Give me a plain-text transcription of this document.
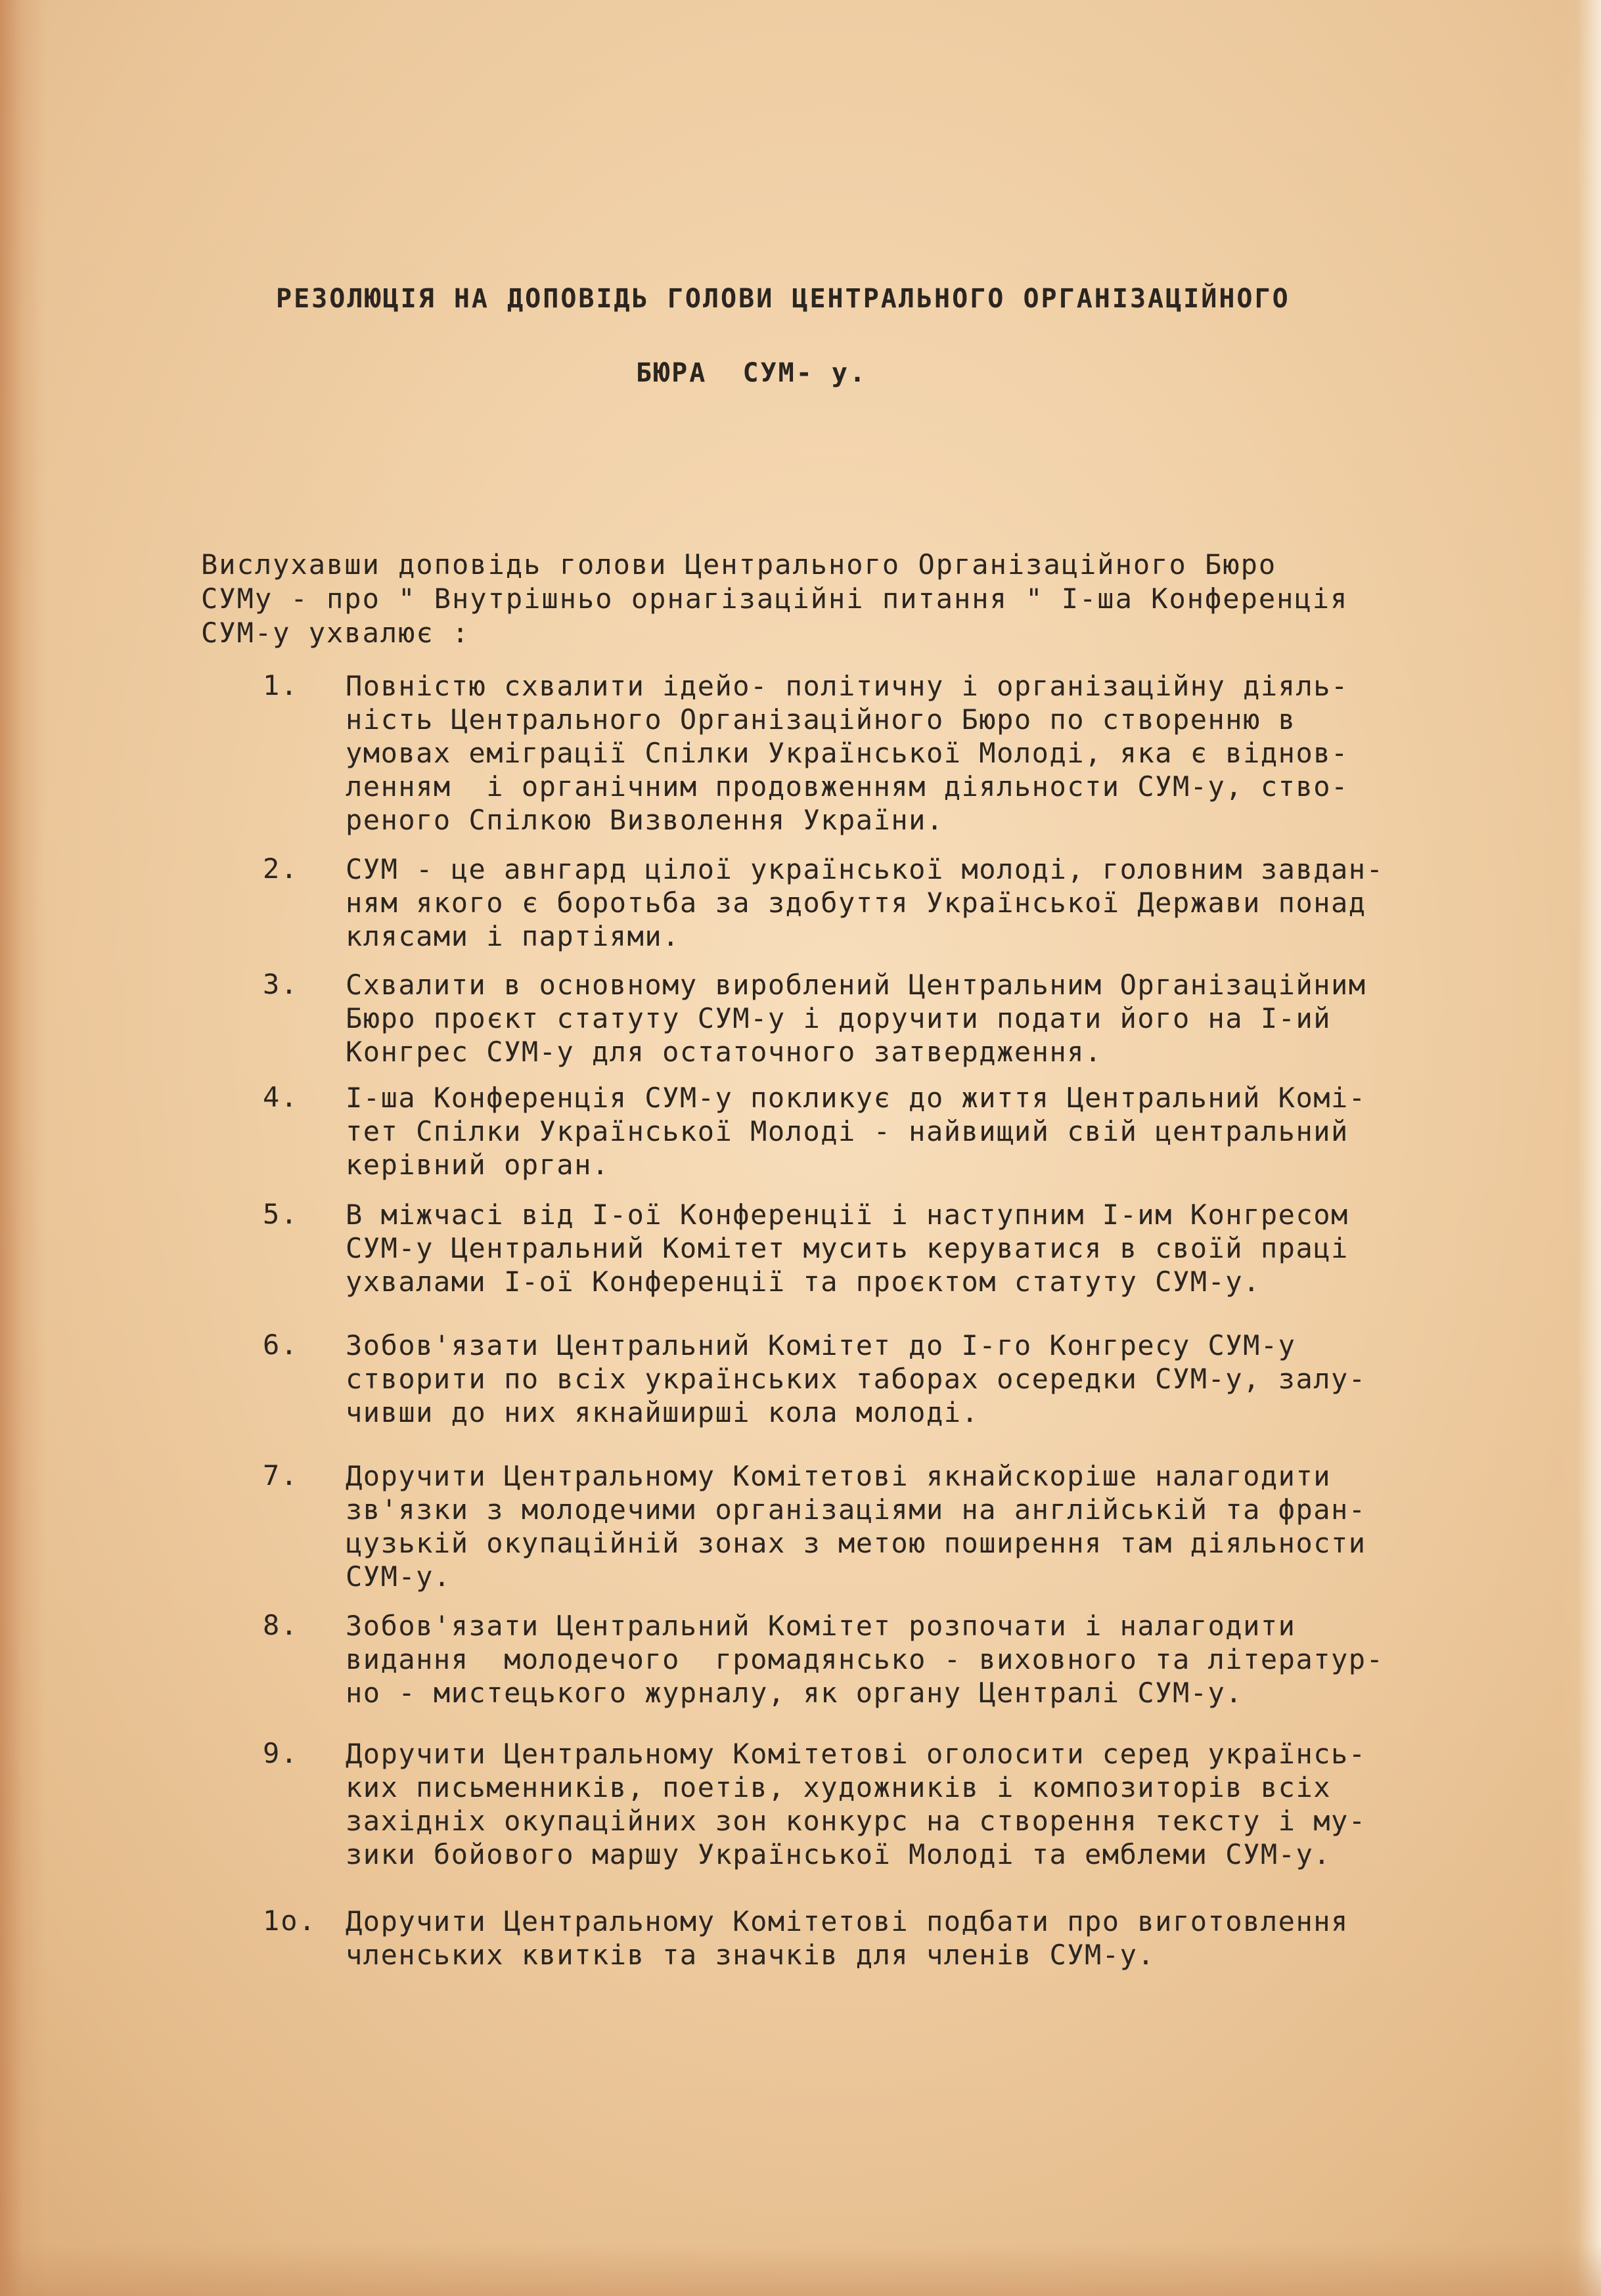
РЕЗОЛЮЦІЯ НА ДОПОВІДЬ ГОЛОВИ ЦЕНТРАЛЬНОГО ОРГАНІЗАЦІЙНОГО
БЮРА  СУМ- у.
Вислухавши доповідь голови Центрального Організаційного Бюро
СУМу - про " Внутрішньо орнагізаційні питання " І-ша Конференція
СУМ-у ухвалює :
1.	Повністю схвалити ідейо- політичну і організаційну діяль-
ність Центрального Організаційного Бюро по створенню в
умовах еміграції Спілки Української Молоді, яка є віднов-
ленням  і органічним продовженням діяльности СУМ-у, ство-
реного Спілкою Визволення України.
2.	СУМ - це авнгард цілої української молоді, головним завдан-
ням якого є боротьба за здобуття Української Держави понад
клясами і партіями.
3.	Схвалити в основному вироблений Центральним Організаційним
Бюро проєкт статуту СУМ-у і доручити подати його на І-ий
Конгрес СУМ-у для остаточного затвердження.
4.	І-ша Конференція СУМ-у покликує до життя Центральний Комі-
тет Спілки Української Молоді - найвищий свій центральний
керівний орган.
5.	В міжчасі від І-ої Конференції і наступним І-им Конгресом
СУМ-у Центральний Комітет мусить керуватися в своїй праці
ухвалами І-ої Конференції та проєктом статуту СУМ-у.
6.	Зобов'язати Центральний Комітет до І-го Конгресу СУМ-у
створити по всіх українських таборах осередки СУМ-у, залу-
чивши до них якнайширші кола молоді.
7.	Доручити Центральному Комітетові якнайскоріше налагодити
зв'язки з молодечими організаціями на англійській та фран-
цузькій окупаційній зонах з метою поширення там діяльности
СУМ-у.
8.	Зобов'язати Центральний Комітет розпочати і налагодити
видання  молодечого  громадянсько - виховного та літератур-
но - мистецького журналу, як органу Централі СУМ-у.
9.	Доручити Центральному Комітетові оголосити серед українсь-
ких письменників, поетів, художників і композиторів всіх
західніх окупаційних зон конкурс на створення тексту і му-
зики бойового маршу Української Молоді та емблеми СУМ-у.
1о.	Доручити Центральному Комітетові подбати про виготовлення
членських квитків та значків для членів СУМ-у.
